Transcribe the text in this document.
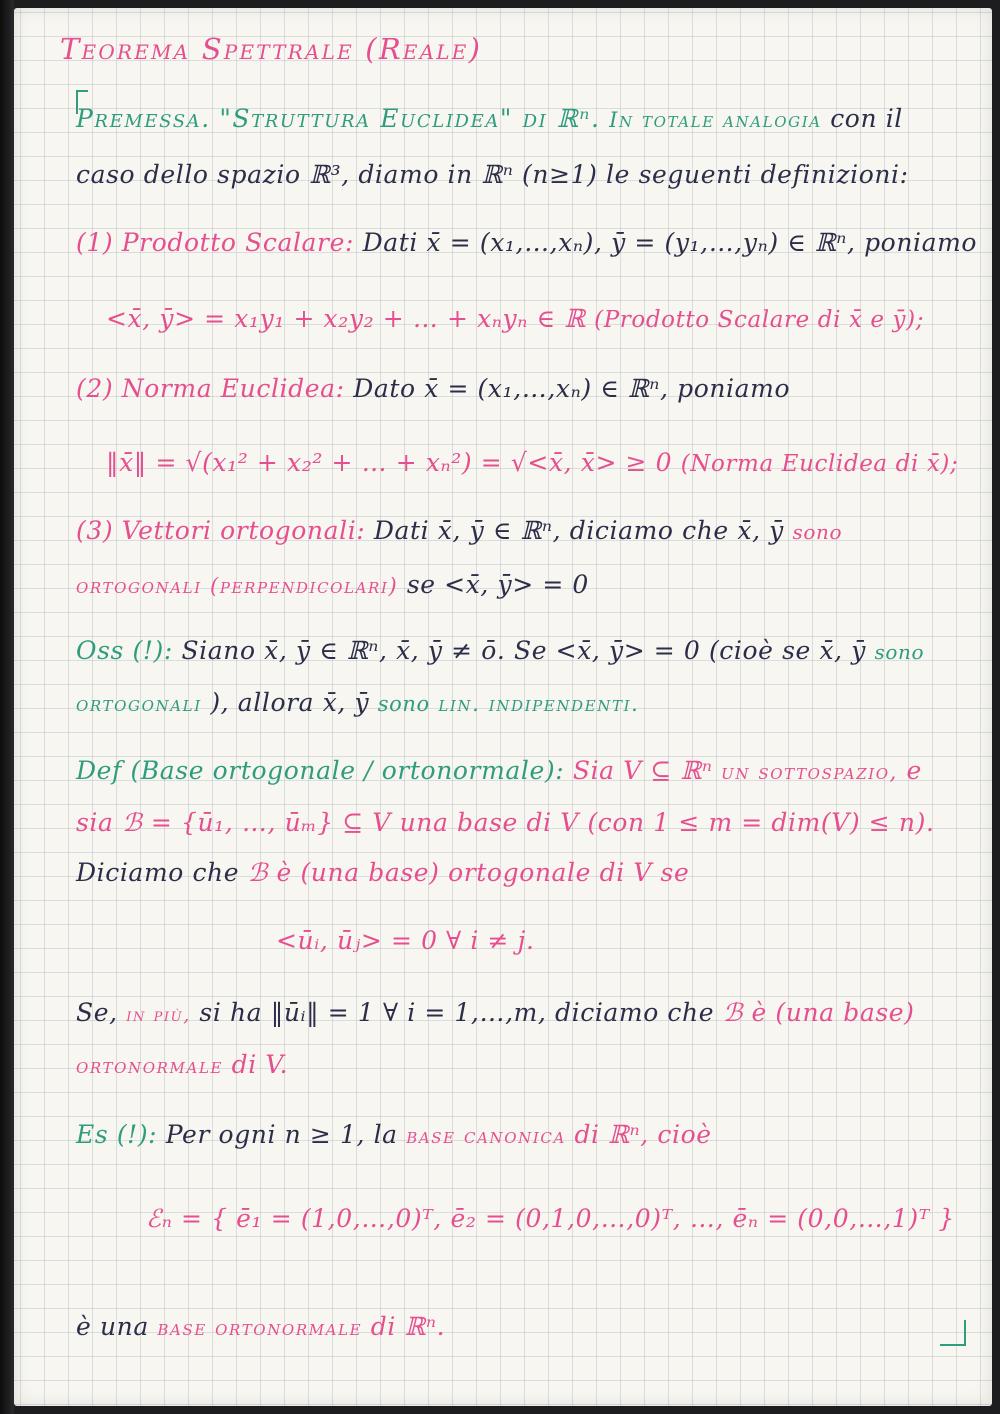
Teorema Spettrale (Reale)

Premessa. "Struttura Euclidea" di ℝⁿ. In totale analogia con il

caso dello spazio ℝ³, diamo in ℝⁿ (n≥1) le seguenti definizioni:

(1) Prodotto Scalare: Dati x̄ = (x₁,…,xₙ), ȳ = (y₁,…,yₙ) ∈ ℝⁿ, poniamo

<x̄, ȳ> = x₁y₁ + x₂y₂ + … + xₙyₙ ∈ ℝ (Prodotto Scalare di x̄ e ȳ);

(2) Norma Euclidea: Dato x̄ = (x₁,…,xₙ) ∈ ℝⁿ, poniamo

‖x̄‖ = √(x₁² + x₂² + … + xₙ²) = √<x̄, x̄> ≥ 0 (Norma Euclidea di x̄);

(3) Vettori ortogonali: Dati x̄, ȳ ∈ ℝⁿ, diciamo che x̄, ȳ sono

ortogonali (perpendicolari) se <x̄, ȳ> = 0

Oss (!): Siano x̄, ȳ ∈ ℝⁿ, x̄, ȳ ≠ ō. Se <x̄, ȳ> = 0 (cioè se x̄, ȳ sono

ortogonali ), allora x̄, ȳ sono lin. indipendenti.

Def (Base ortogonale / ortonormale): Sia V ⊆ ℝⁿ un sottospazio, e

sia ℬ = {ū₁, …, ūₘ} ⊆ V una base di V (con 1 ≤ m = dim(V) ≤ n).

Diciamo che ℬ è (una base) ortogonale di V se

<ūᵢ, ūⱼ> = 0 ∀ i ≠ j.

Se, in più, si ha ‖ūᵢ‖ = 1 ∀ i = 1,…,m, diciamo che ℬ è (una base)

ortonormale di V.

Es (!): Per ogni n ≥ 1, la base canonica di ℝⁿ, cioè

ℰₙ = { ē₁ = (1,0,…,0)ᵀ, ē₂ = (0,1,0,…,0)ᵀ, …, ēₙ = (0,0,…,1)ᵀ }

è una base ortonormale di ℝⁿ.
